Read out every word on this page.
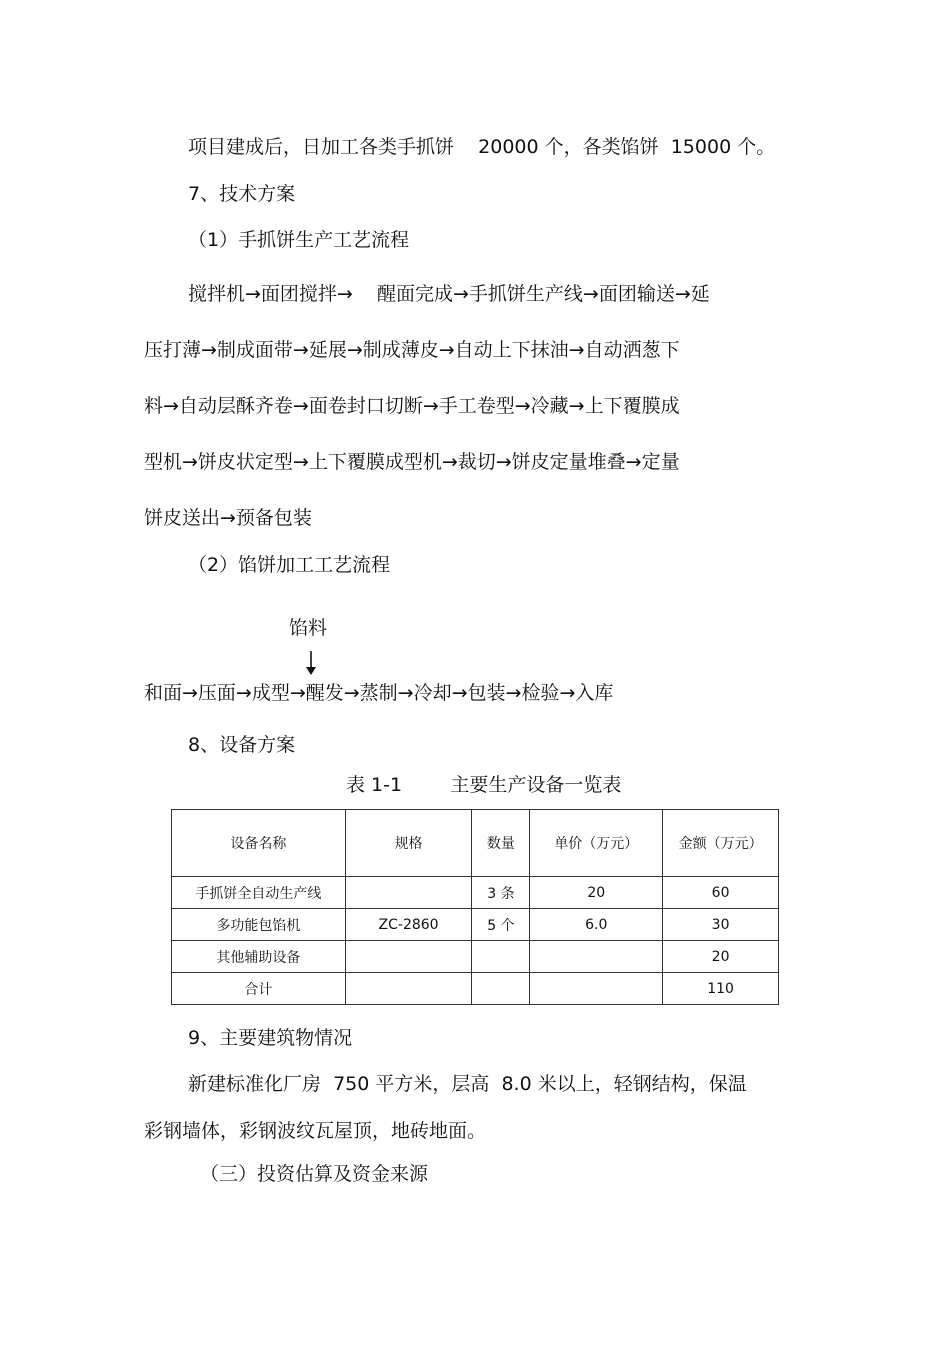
项目建成后，日加工各类手抓饼    20000 个，各类馅饼  15000 个。
7、技术方案
（1）手抓饼生产工艺流程
搅拌机→面团搅拌→    醒面完成→手抓饼生产线→面团输送→延
压打薄→制成面带→延展→制成薄皮→自动上下抹油→自动洒葱下
料→自动层酥齐卷→面卷封口切断→手工卷型→冷藏→上下覆膜成
型机→饼皮状定型→上下覆膜成型机→裁切→饼皮定量堆叠→定量
饼皮送出→预备包装
（2）馅饼加工工艺流程
馅料
和面→压面→成型→醒发→蒸制→冷却→包装→检验→入库
8、设备方案
表 1-1        主要生产设备一览表
设备名称	规格	数量	单价（万元）	金额（万元）
手抓饼全自动生产线		3 条	20	60
多功能包馅机	ZC-2860	5 个	6.0	30
其他辅助设备				20
合计				110
9、主要建筑物情况
新建标准化厂房  750 平方米，层高  8.0 米以上，轻钢结构，保温
彩钢墙体，彩钢波纹瓦屋顶，地砖地面。
（三）投资估算及资金来源
